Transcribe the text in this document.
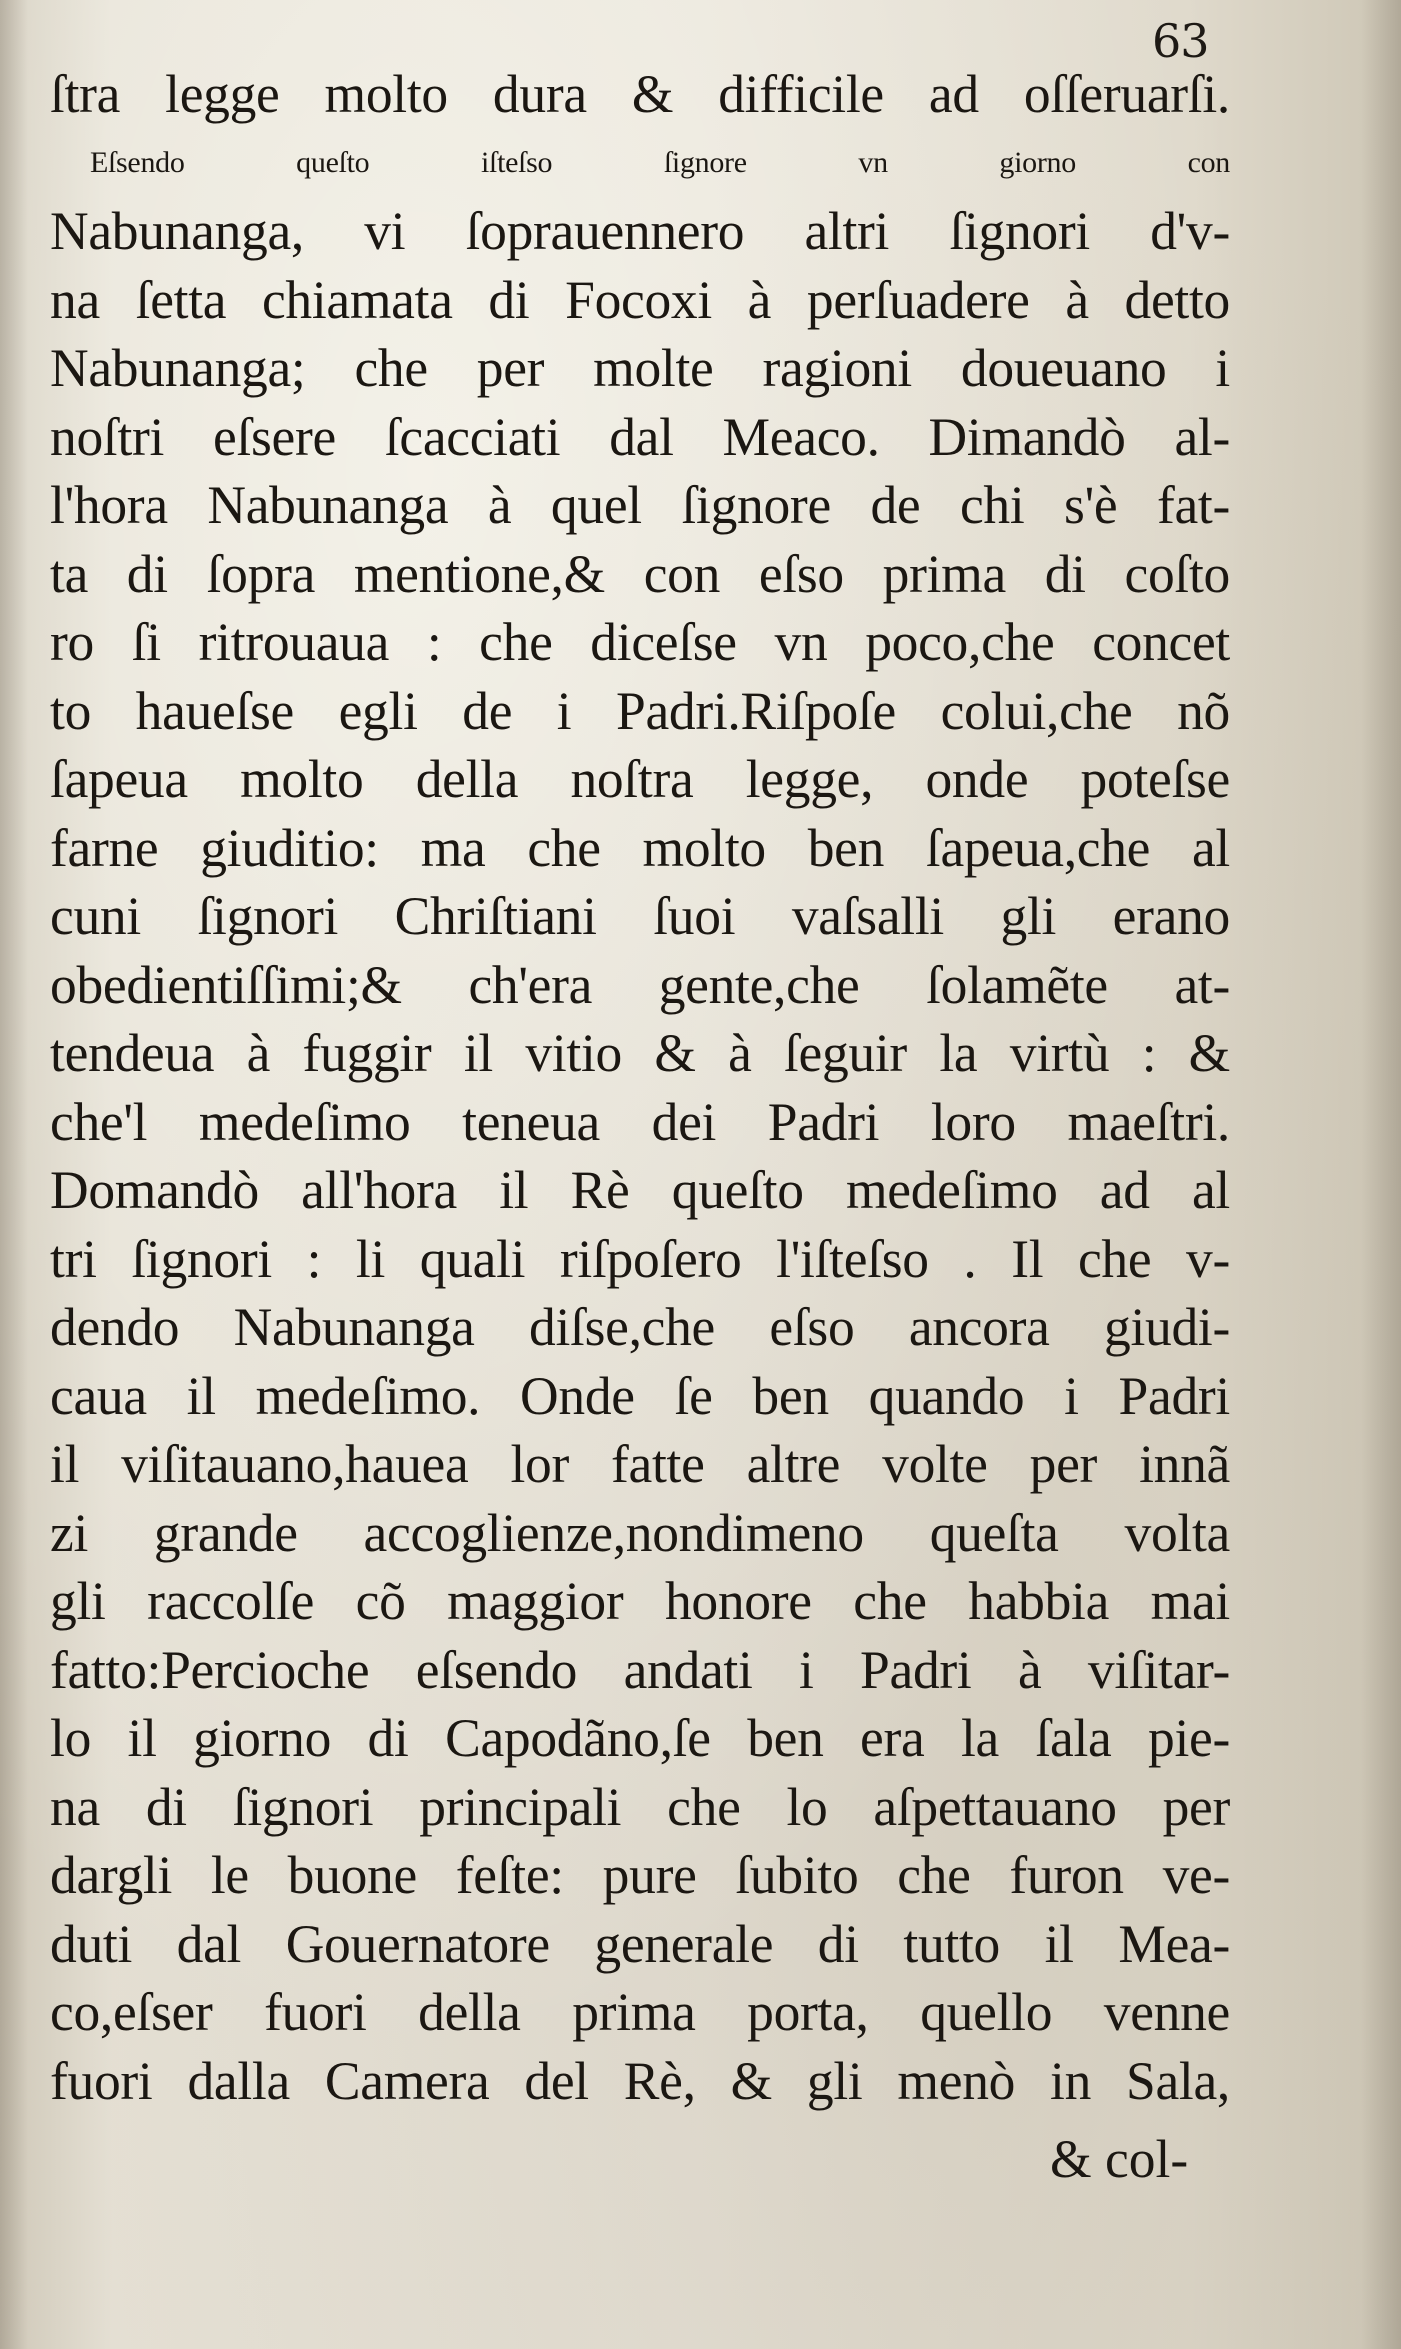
63
ſtra legge molto dura & difficile ad oſſeruarſi.
Eſsendo queſto iſteſso ſignore vn giorno con
Nabunanga, vi ſoprauennero altri ſignori d'v-
na ſetta chiamata di Focoxi à perſuadere à detto
Nabunanga; che per molte ragioni doueuano i
noſtri eſsere ſcacciati dal Meaco. Dimandò al-
l'hora Nabunanga à quel ſignore de chi s'è fat-
ta di ſopra mentione,& con eſso prima di coſto
ro ſi ritrouaua : che diceſse vn poco,che concet
to haueſse egli de i Padri.Riſpoſe colui,che nõ
ſapeua molto della noſtra legge, onde poteſse
farne giuditio: ma che molto ben ſapeua,che al
cuni ſignori Chriſtiani ſuoi vaſsalli gli erano
obedientiſſimi;& ch'era gente,che ſolamẽte at-
tendeua à fuggir il vitio & à ſeguir la virtù : &
che'l medeſimo teneua dei Padri loro maeſtri.
Domandò all'hora il Rè queſto medeſimo ad al
tri ſignori : li quali riſpoſero l'iſteſso . Il che v-
dendo Nabunanga diſse,che eſso ancora giudi-
caua il medeſimo. Onde ſe ben quando i Padri
il viſitauano,hauea lor fatte altre volte per innã
zi grande accoglienze,nondimeno queſta volta
gli raccolſe cõ maggior honore che habbia mai
fatto:Percioche eſsendo andati i Padri à viſitar-
lo il giorno di Capodãno,ſe ben era la ſala pie-
na di ſignori principali che lo aſpettauano per
dargli le buone feſte: pure ſubito che furon ve-
duti dal Gouernatore generale di tutto il Mea-
co,eſser fuori della prima porta, quello venne
fuori dalla Camera del Rè, & gli menò in Sala,
& col-
